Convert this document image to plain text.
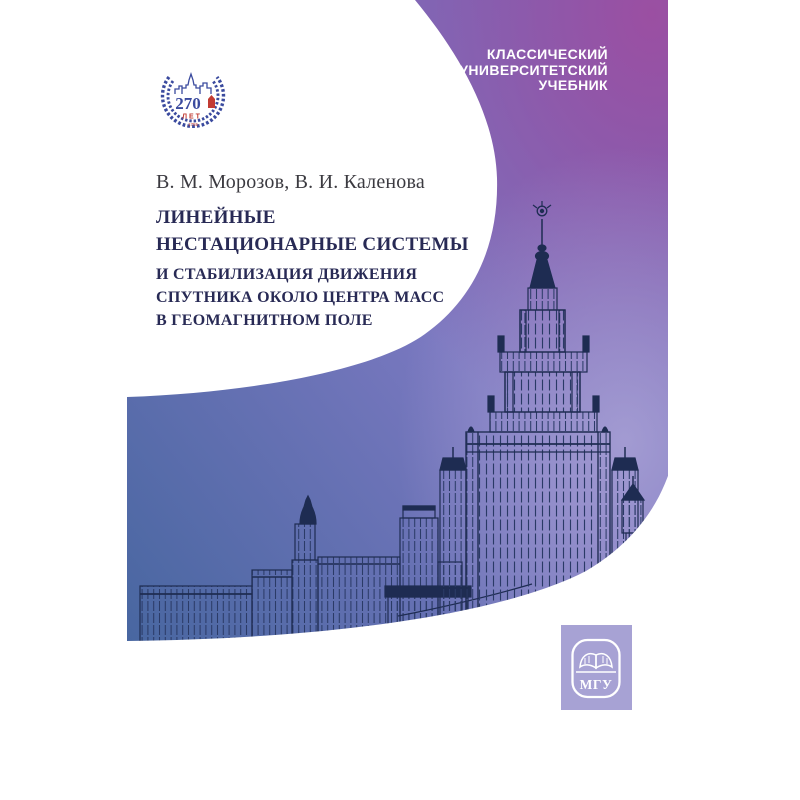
МГУ
270
ЛЕТ
1755
КЛАССИЧЕСКИЙ
УНИВЕРСИТЕТСКИЙ
УЧЕБНИК
В. М. Морозов, В. И. Каленова
ЛИНЕЙНЫЕ
НЕСТАЦИОНАРНЫЕ СИСТЕМЫ
И СТАБИЛИЗАЦИЯ ДВИЖЕНИЯ
СПУТНИКА ОКОЛО ЦЕНТРА МАСС
В ГЕОМАГНИТНОМ ПОЛЕ
